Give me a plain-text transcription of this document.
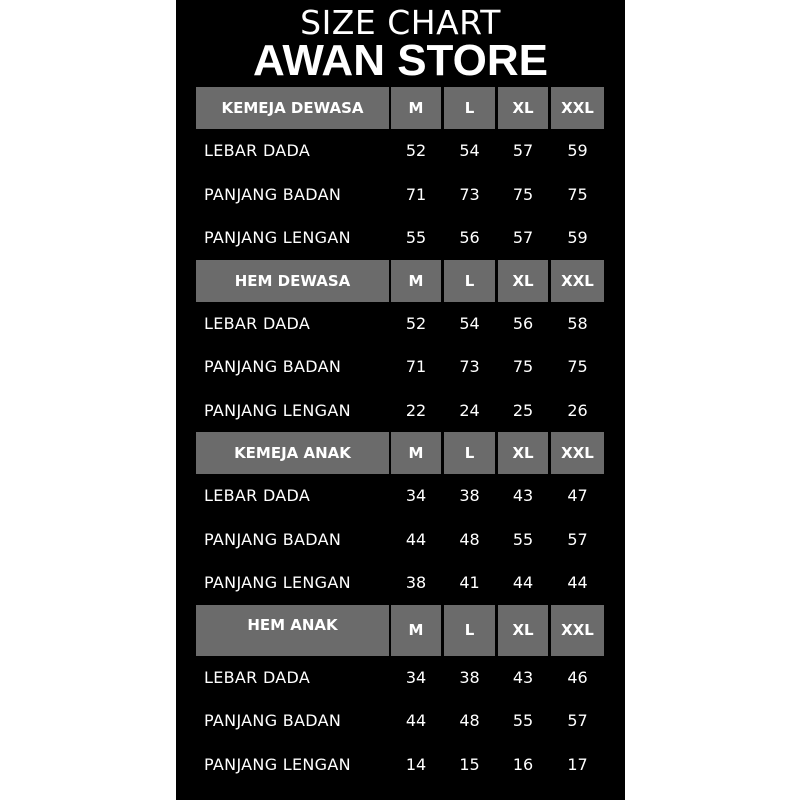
SIZE CHART
AWAN STORE
KEMEJA DEWASA	M	L	XL	XXL
LEBAR DADA	52	54	57	59
PANJANG BADAN	71	73	75	75
PANJANG LENGAN	55	56	57	59
HEM DEWASA	M	L	XL	XXL
LEBAR DADA	52	54	56	58
PANJANG BADAN	71	73	75	75
PANJANG LENGAN	22	24	25	26
KEMEJA ANAK	M	L	XL	XXL
LEBAR DADA	34	38	43	47
PANJANG BADAN	44	48	55	57
PANJANG LENGAN	38	41	44	44
HEM ANAK	M	L	XL	XXL
LEBAR DADA	34	38	43	46
PANJANG BADAN	44	48	55	57
PANJANG LENGAN	14	15	16	17
